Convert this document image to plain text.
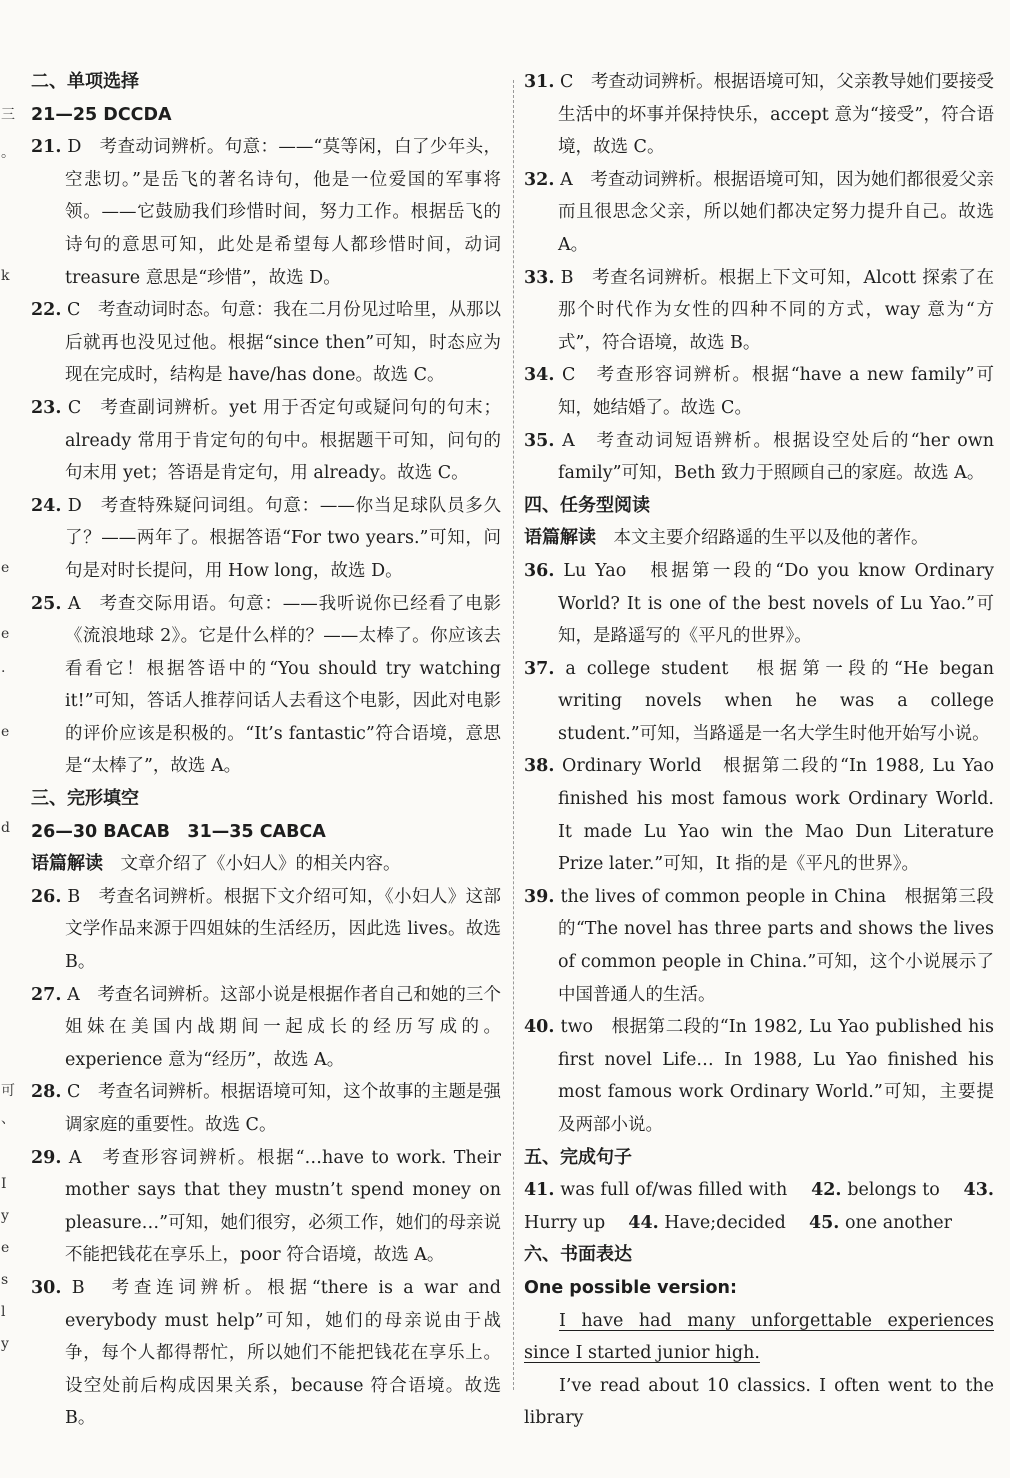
三
。
k
e
e
.
e
d
可
、
I
y
e
s
l
y

二、单项选择

21—25 DCCDA

21. D　考查动词辨析。句意：——“莫等闲，白了少年头，空悲切。”是岳飞的著名诗句，他是一位爱国的军事将领。——它鼓励我们珍惜时间，努力工作。根据岳飞的诗句的意思可知，此处是希望每人都珍惜时间，动词 treasure 意思是“珍惜”，故选 D。

22. C　考查动词时态。句意：我在二月份见过哈里，从那以后就再也没见过他。根据“since then”可知，时态应为现在完成时，结构是 have/has done。故选 C。

23. C　考查副词辨析。yet 用于否定句或疑问句的句末；already 常用于肯定句的句中。根据题干可知，问句的句末用 yet；答语是肯定句，用 already。故选 C。

24. D　考查特殊疑问词组。句意：——你当足球队员多久了？——两年了。根据答语“For two years.”可知，问句是对时长提问，用 How long，故选 D。

25. A　考查交际用语。句意：——我听说你已经看了电影《流浪地球 2》。它是什么样的？——太棒了。你应该去看看它！根据答语中的“You should try watching it!”可知，答话人推荐问话人去看这个电影，因此对电影的评价应该是积极的。“It’s fantastic”符合语境，意思是“太棒了”，故选 A。

三、完形填空

26—30 BACAB　31—35 CABCA

语篇解读　文章介绍了《小妇人》的相关内容。

26. B　考查名词辨析。根据下文介绍可知，《小妇人》这部文学作品来源于四姐妹的生活经历，因此选 lives。故选 B。

27. A　考查名词辨析。这部小说是根据作者自己和她的三个姐妹在美国内战期间一起成长的经历写成的。experience 意为“经历”，故选 A。

28. C　考查名词辨析。根据语境可知，这个故事的主题是强调家庭的重要性。故选 C。

29. A　考查形容词辨析。根据“…have to work. Their mother says that they mustn’t spend money on pleasure…”可知，她们很穷，必须工作，她们的母亲说不能把钱花在享乐上，poor 符合语境，故选 A。

30. B　考查连词辨析。根据“there is a war and everybody must help”可知，她们的母亲说由于战争，每个人都得帮忙，所以她们不能把钱花在享乐上。设空处前后构成因果关系，because 符合语境。故选 B。

31. C　考查动词辨析。根据语境可知，父亲教导她们要接受生活中的坏事并保持快乐，accept 意为“接受”，符合语境，故选 C。

32. A　考查动词辨析。根据语境可知，因为她们都很爱父亲而且很思念父亲，所以她们都决定努力提升自己。故选 A。

33. B　考查名词辨析。根据上下文可知，Alcott 探索了在那个时代作为女性的四种不同的方式，way 意为“方式”，符合语境，故选 B。

34. C　考查形容词辨析。根据“have a new family”可知，她结婚了。故选 C。

35. A　考查动词短语辨析。根据设空处后的“her own family”可知，Beth 致力于照顾自己的家庭。故选 A。

四、任务型阅读

语篇解读　本文主要介绍路遥的生平以及他的著作。

36. Lu Yao　根据第一段的“Do you know Ordinary World? It is one of the best novels of Lu Yao.”可知，是路遥写的《平凡的世界》。

37. a college student　根据第一段的“He began writing novels when he was a college student.”可知，当路遥是一名大学生时他开始写小说。

38. Ordinary World　根据第二段的“In 1988, Lu Yao finished his most famous work Ordinary World. It made Lu Yao win the Mao Dun Literature Prize later.”可知，It 指的是《平凡的世界》。

39. the lives of common people in China　根据第三段的“The novel has three parts and shows the lives of common people in China.”可知，这个小说展示了中国普通人的生活。

40. two　根据第二段的“In 1982, Lu Yao published his first novel Life… In 1988, Lu Yao finished his most famous work Ordinary World.”可知，主要提及两部小说。

五、完成句子

41. was full of/was filled with　 42. belongs to　 43. Hurry up　 44. Have;decided　 45. one another

六、书面表达

One possible version:

I have had many unforgettable experiences since I started junior high.

I’ve read about 10 classics. I often went to the library
